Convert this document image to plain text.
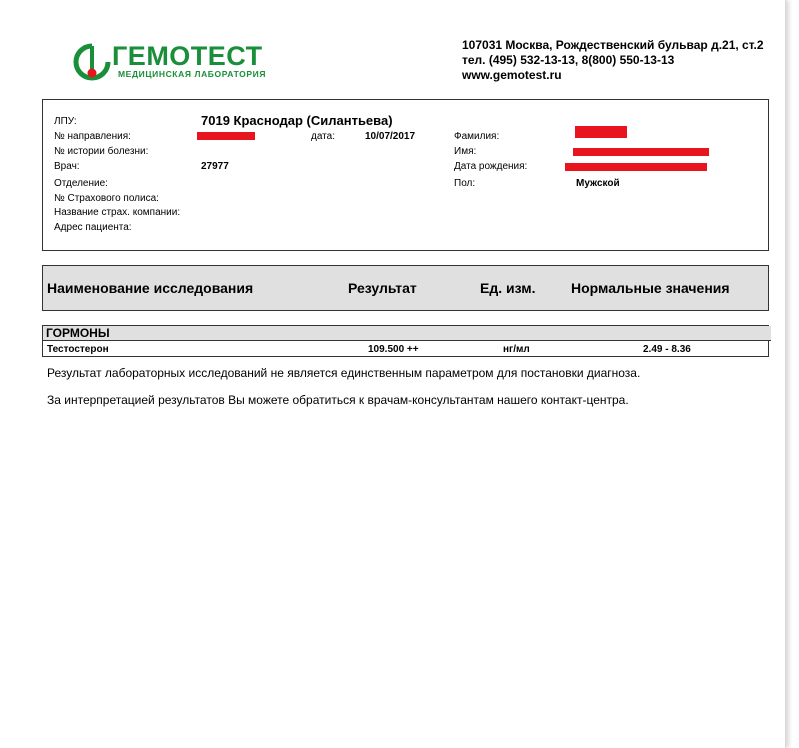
ГЕМОТЕСТ
МЕДИЦИНСКАЯ ЛАБОРАТОРИЯ
107031 Москва, Рождественский бульвар д.21, ст.2
тел. (495) 532-13-13, 8(800) 550-13-13
www.gemotest.ru
ЛПУ:	7019 Краснодар (Силантьева)
№ направления:	дата:	10/07/2017
№ истории болезни:
Врач:	27977
Отделение:
№ Страхового полиса:
Название страх. компании:
Адрес пациента:
Фамилия:
Имя:
Дата рождения:
Пол:	Мужской
Наименование исследования	Результат	Ед. изм.	Нормальные значения
ГОРМОНЫ
Тестостерон	109.500 ++	нг/мл	2.49 - 8.36
Результат лабораторных исследований не является единственным параметром для постановки диагноза.
За интерпретацией результатов Вы можете обратиться к врачам-консультантам нашего контакт-центра.
